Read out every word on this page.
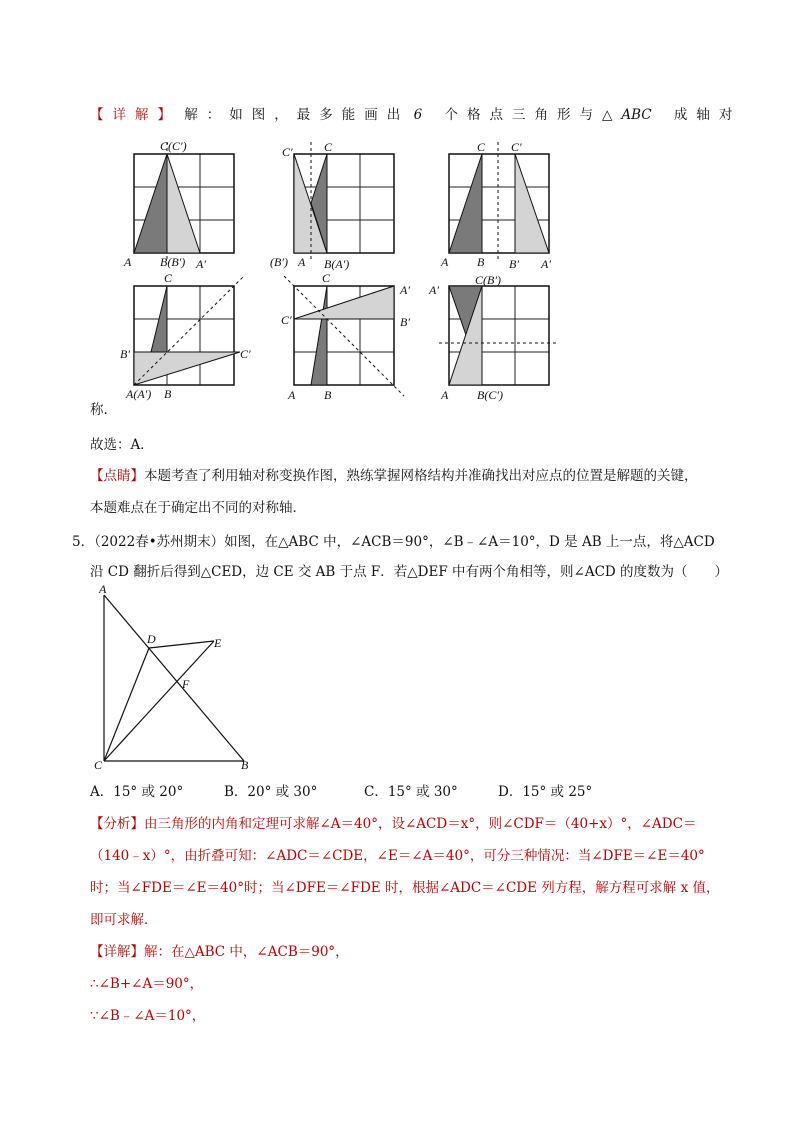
【详解】 解：如图，最多能画出 6 个格点三角形与△ABC 成轴对
C(C′)
A B(B′) A′
C′	C
(B′) A B(A′)
C C′
A B B′ A′
C
B′	C′
A(A′) B
C
A′
C′	B′
A B
A′
C(B′)
A B(C′)
称．
故选：A．
【点睛】本题考查了利用轴对称变换作图，熟练掌握网格结构并准确找出对应点的位置是解题的关键，
本题难点在于确定出不同的对称轴．
5．（2022春•苏州期末）如图，在△ABC 中，∠ACB＝90°，∠B﹣∠A＝10°，D 是 AB 上一点，将△ACD
沿 CD 翻折后得到△CED，边 CE 交 AB 于点 F．若△DEF 中有两个角相等，则∠ACD 的度数为（　　）
A
D	E
F
C	B
A．15° 或 20°	B．20° 或 30°	C．15° 或 30°	D．15° 或 25°
【分析】由三角形的内角和定理可求解∠A＝40°，设∠ACD＝x°，则∠CDF＝（40+x）°，∠ADC＝
（140﹣x）°，由折叠可知：∠ADC＝∠CDE，∠E＝∠A＝40°，可分三种情况：当∠DFE＝∠E＝40°
时；当∠FDE＝∠E＝40°时；当∠DFE＝∠FDE 时，根据∠ADC＝∠CDE 列方程，解方程可求解 x 值，
即可求解．
【详解】解：在△ABC 中，∠ACB＝90°，
∴∠B+∠A＝90°，
∵∠B﹣∠A＝10°，
